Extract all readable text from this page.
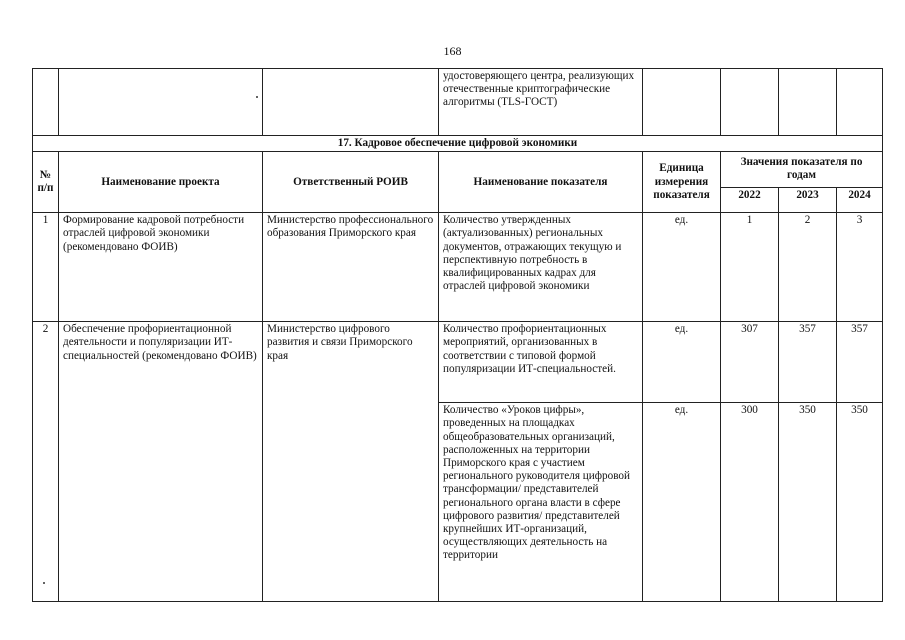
168
			удостоверяющего центра, реализующих отечественные криптографические алгоритмы (TLS-ГОСТ)				
17. Кадровое обеспечение цифровой экономики							
№ п/п	Наименование проекта	Ответственный РОИВ	Наименование показателя	Единица измерения показателя	Значения показателя по годам		
					2022	2023	2024
1	Формирование кадровой потребности отраслей цифровой экономики (рекомендовано ФОИВ)	Министерство профессионального образования Приморского края	Количество утвержденных (актуализованных) региональных документов, отражающих текущую и перспективную потребность в квалифицированных кадрах для отраслей цифровой экономики	ед.	1	2	3
2	Обеспечение профориентационной деятельности и популяризации ИТ-специальностей (рекомендовано ФОИВ)	Министерство цифрового развития и связи Приморского края	Количество профориентационных мероприятий, организованных в соответствии с типовой формой популяризации ИТ-специальностей.	ед.	307	357	357
			Количество «Уроков цифры», проведенных на площадках общеобразовательных организаций, расположенных на территории Приморского края с участием регионального руководителя цифровой трансформации/ представителей регионального органа власти в сфере цифрового развития/ представителей крупнейших ИТ-организаций, осуществляющих деятельность на территории	ед.	300	350	350
